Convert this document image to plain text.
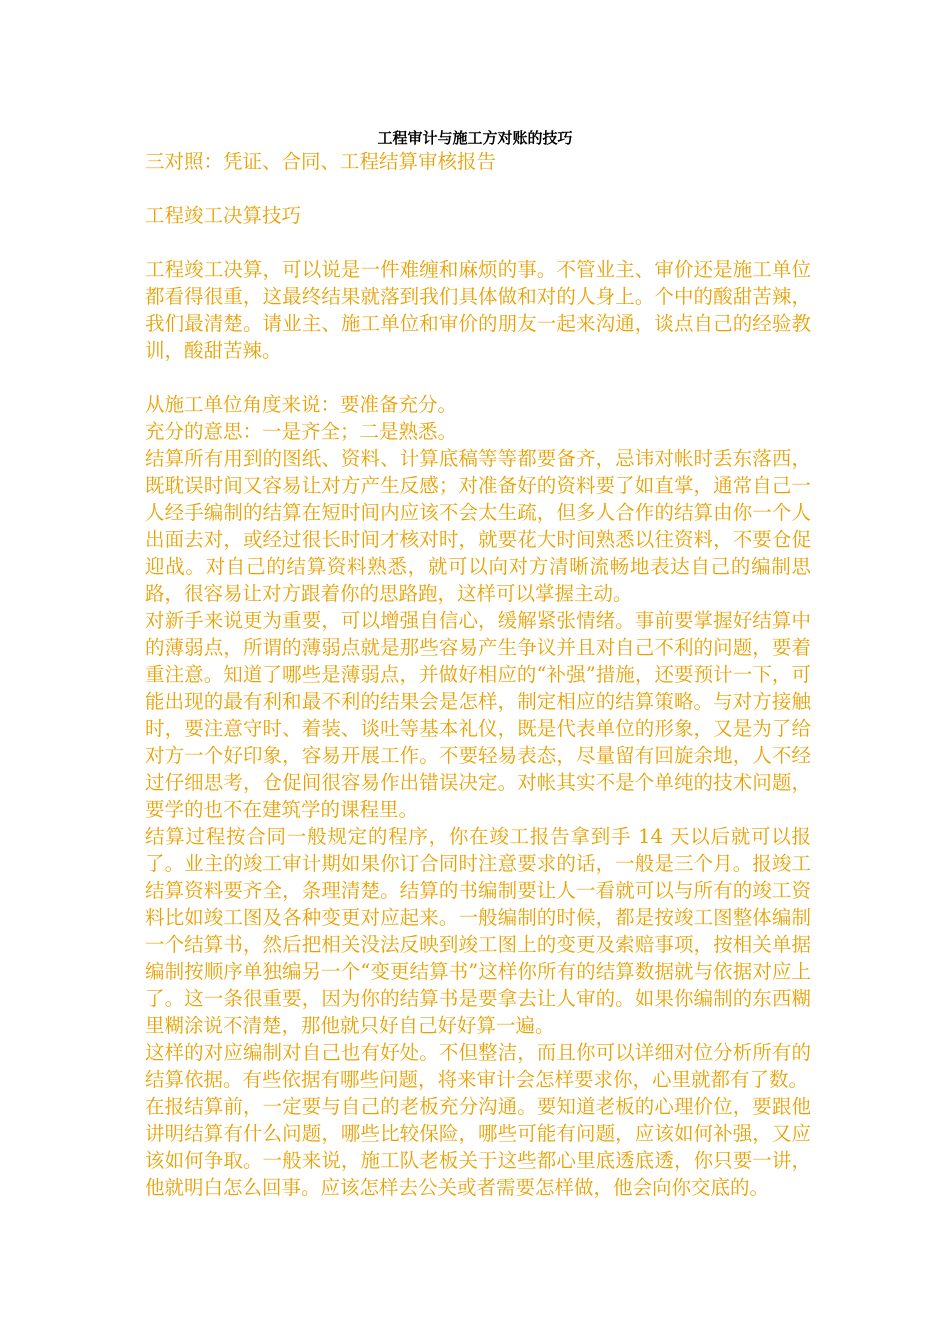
工程审计与施工方对账的技巧

三对照：凭证、合同、工程结算审核报告

工程竣工决算技巧

工程竣工决算，可以说是一件难缠和麻烦的事。不管业主、审价还是施工单位都看得很重，这最终结果就落到我们具体做和对的人身上。个中的酸甜苦辣，我们最清楚。请业主、施工单位和审价的朋友一起来沟通，谈点自己的经验教训，酸甜苦辣。

从施工单位角度来说：要准备充分。

充分的意思：一是齐全；二是熟悉。

结算所有用到的图纸、资料、计算底稿等等都要备齐，忌讳对帐时丢东落西，既耽误时间又容易让对方产生反感；对准备好的资料要了如直掌，通常自己一人经手编制的结算在短时间内应该不会太生疏，但多人合作的结算由你一个人出面去对，或经过很长时间才核对时，就要花大时间熟悉以往资料，不要仓促迎战。对自己的结算资料熟悉，就可以向对方清晰流畅地表达自己的编制思路，很容易让对方跟着你的思路跑，这样可以掌握主动。

对新手来说更为重要，可以增强自信心，缓解紧张情绪。事前要掌握好结算中的薄弱点，所谓的薄弱点就是那些容易产生争议并且对自己不利的问题，要着重注意。知道了哪些是薄弱点，并做好相应的“补强”措施，还要预计一下，可能出现的最有利和最不利的结果会是怎样，制定相应的结算策略。与对方接触时，要注意守时、着装、谈吐等基本礼仪，既是代表单位的形象，又是为了给对方一个好印象，容易开展工作。不要轻易表态，尽量留有回旋余地，人不经过仔细思考，仓促间很容易作出错误决定。对帐其实不是个单纯的技术问题，要学的也不在建筑学的课程里。

结算过程按合同一般规定的程序，你在竣工报告拿到手 14 天以后就可以报了。业主的竣工审计期如果你订合同时注意要求的话，一般是三个月。报竣工结算资料要齐全，条理清楚。结算的书编制要让人一看就可以与所有的竣工资料比如竣工图及各种变更对应起来。一般编制的时候，都是按竣工图整体编制一个结算书，然后把相关没法反映到竣工图上的变更及索赔事项，按相关单据编制按顺序单独编另一个“变更结算书”这样你所有的结算数据就与依据对应上了。这一条很重要，因为你的结算书是要拿去让人审的。如果你编制的东西糊里糊涂说不清楚，那他就只好自己好好算一遍。

这样的对应编制对自己也有好处。不但整洁，而且你可以详细对位分析所有的结算依据。有些依据有哪些问题，将来审计会怎样要求你，心里就都有了数。

在报结算前，一定要与自己的老板充分沟通。要知道老板的心理价位，要跟他讲明结算有什么问题，哪些比较保险，哪些可能有问题，应该如何补强，又应该如何争取。一般来说，施工队老板关于这些都心里底透底透，你只要一讲，他就明白怎么回事。应该怎样去公关或者需要怎样做，他会向你交底的。
